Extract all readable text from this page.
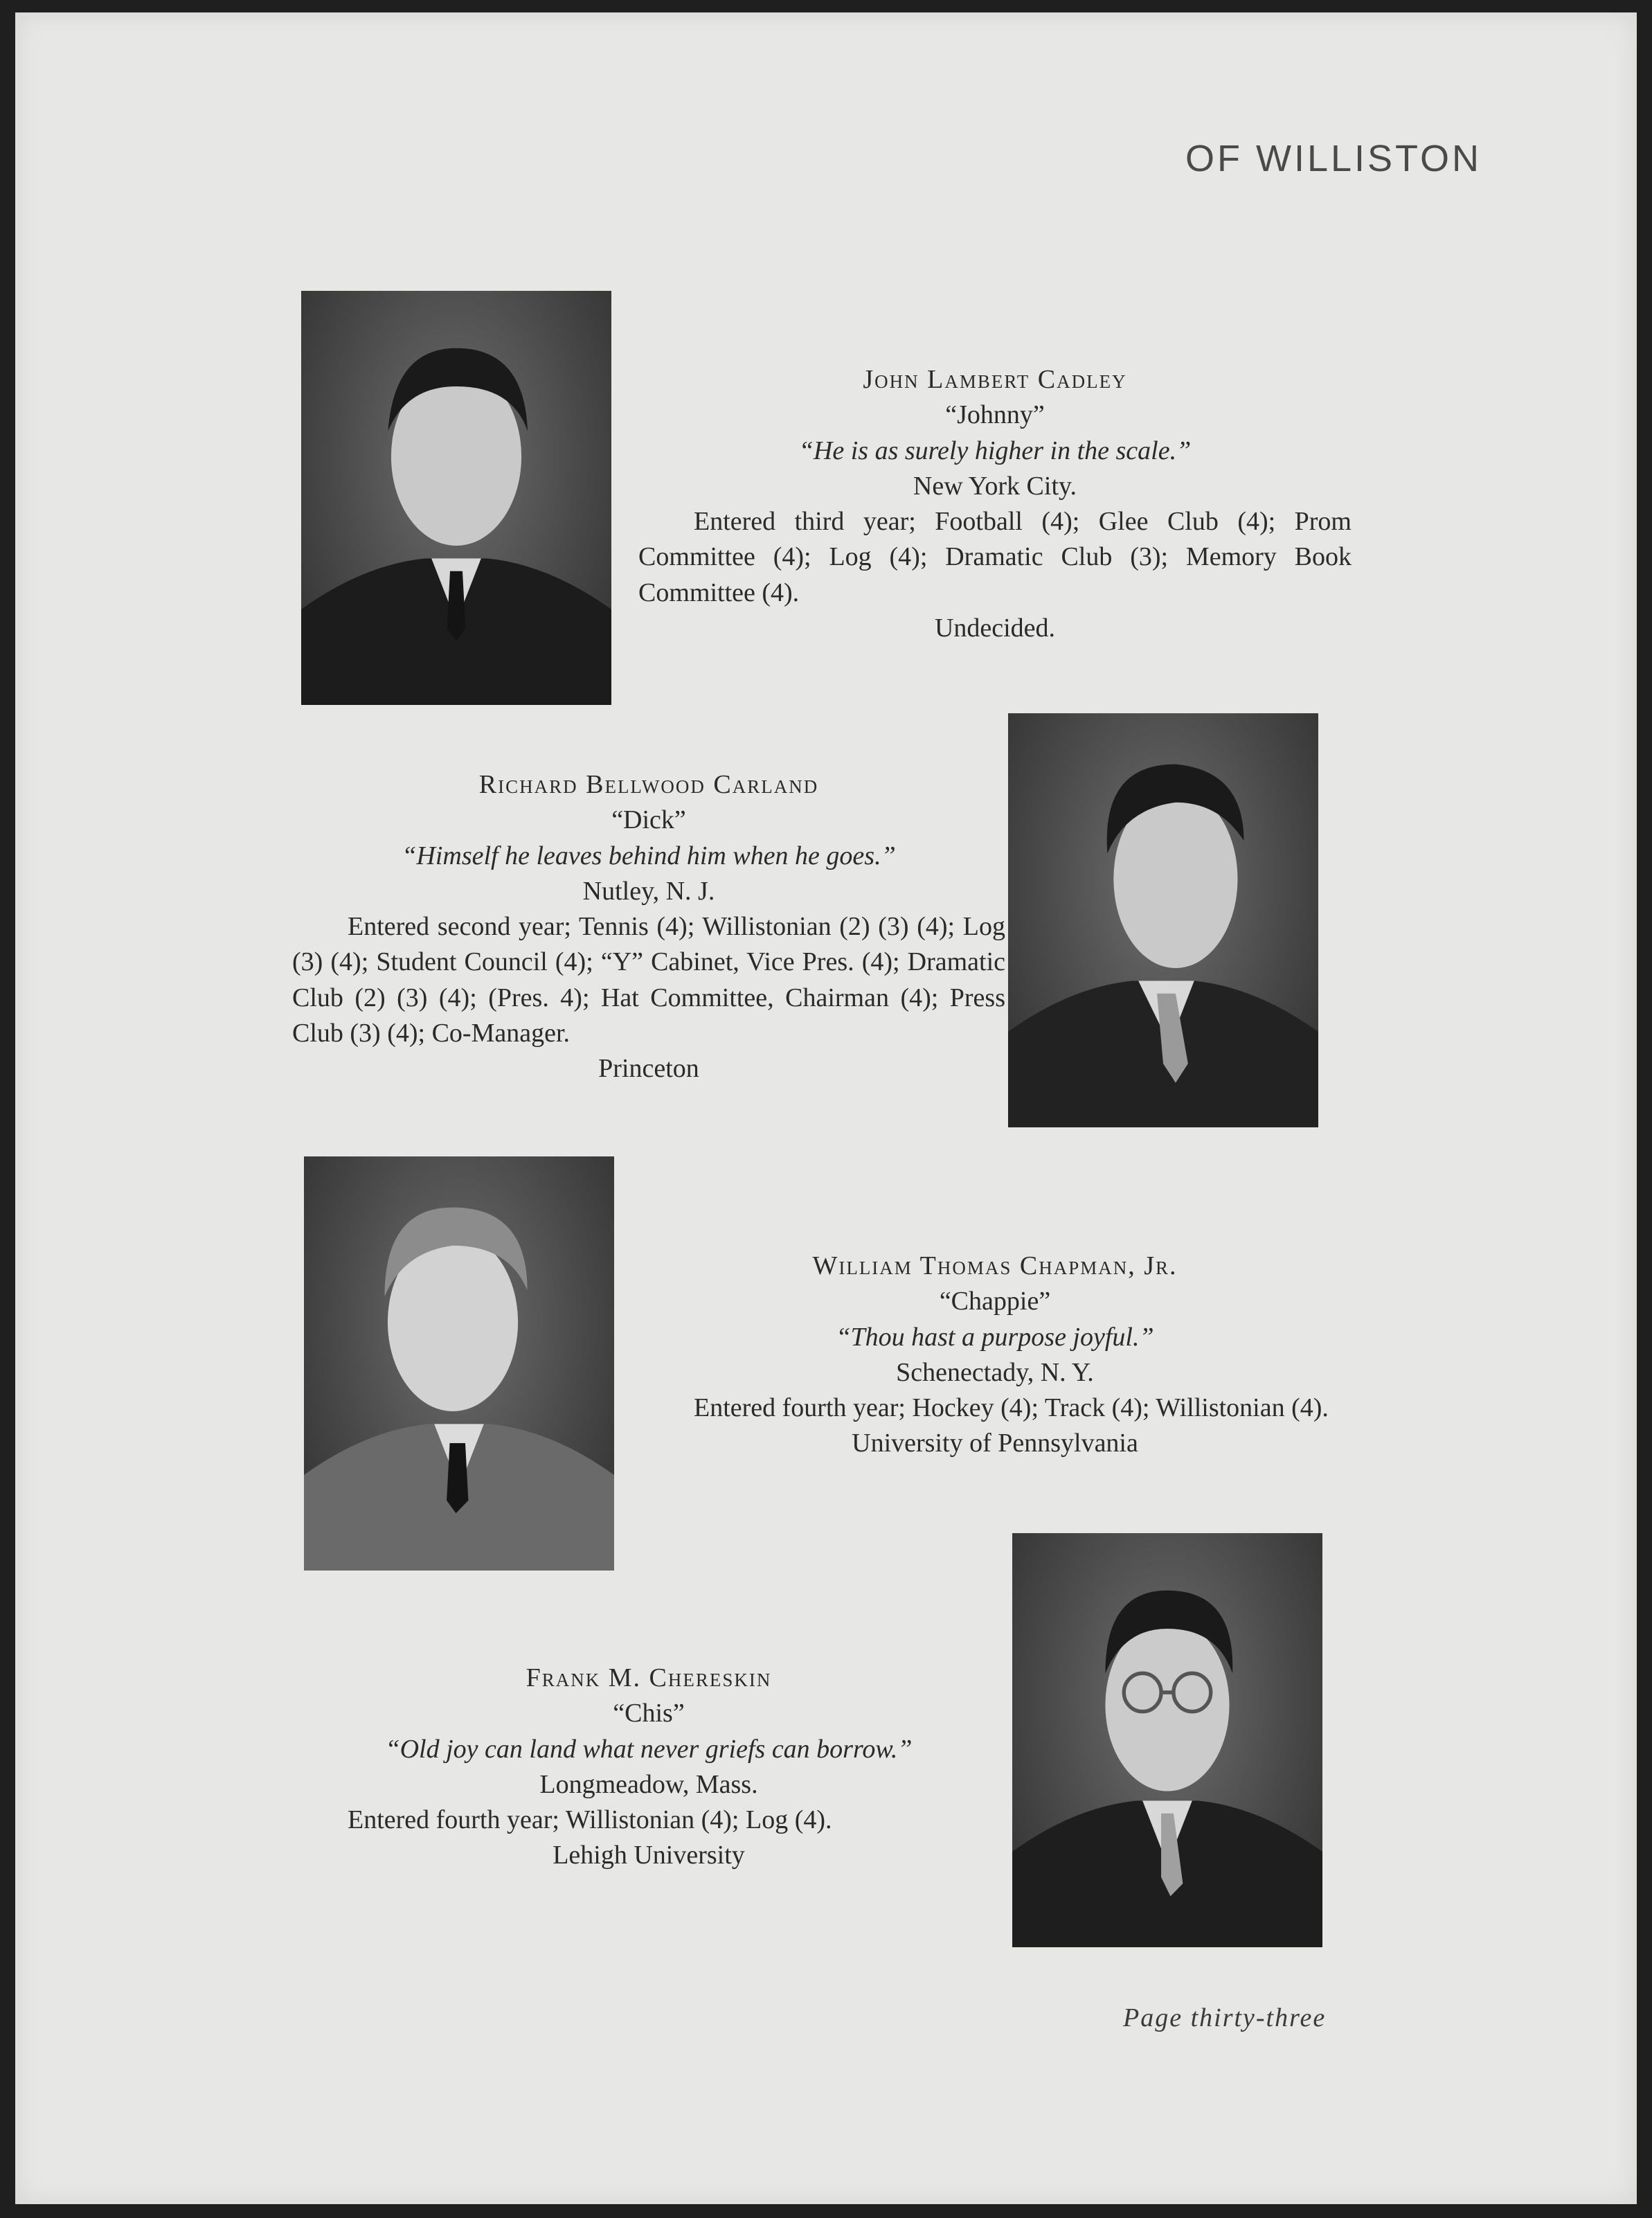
OF WILLISTON
John Lambert Cadley
“Johnny”
“He is as surely higher in the scale.”
New York City.

Entered third year; Football (4); Glee Club (4); Prom Committee (4); Log (4); Dramatic Club (3); Memory Book Committee (4).

Undecided.
Richard Bellwood Carland
“Dick”
“Himself he leaves behind him when he goes.”
Nutley, N. J.

Entered second year; Tennis (4); Willistonian (2) (3) (4); Log (3) (4); Student Council (4); “Y” Cabinet, Vice Pres. (4); Dramatic Club (2) (3) (4); (Pres. 4); Hat Committee, Chairman (4); Press Club (3) (4); Co-Manager.

Princeton
William Thomas Chapman, Jr.
“Chappie”
“Thou hast a purpose joyful.”
Schenectady, N. Y.

Entered fourth year; Hockey (4); Track (4); Willistonian (4).

University of Pennsylvania
Frank M. Chereskin
“Chis”
“Old joy can land what never griefs can borrow.”
Longmeadow, Mass.

Entered fourth year; Willistonian (4); Log (4).

Lehigh University
Page thirty-three
